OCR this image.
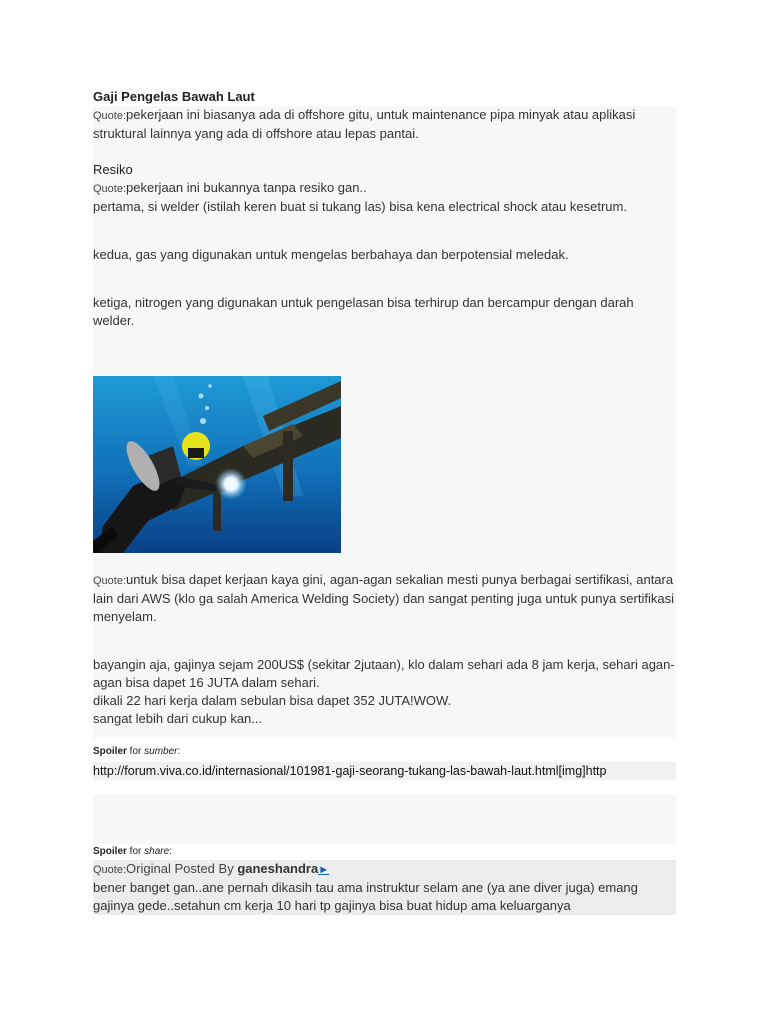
Gaji Pengelas Bawah Laut

Quote:pekerjaan ini biasanya ada di offshore gitu, untuk maintenance pipa minyak atau aplikasi struktural lainnya yang ada di offshore atau lepas pantai.

Resiko

Quote:pekerjaan ini bukannya tanpa resiko gan..

pertama, si welder (istilah keren buat si tukang las) bisa kena electrical shock atau kesetrum.

kedua, gas yang digunakan untuk mengelas berbahaya dan berpotensial meledak.

ketiga, nitrogen yang digunakan untuk pengelasan bisa terhirup dan bercampur dengan darah welder.

Quote:untuk bisa dapet kerjaan kaya gini, agan-agan sekalian mesti punya berbagai sertifikasi, antara lain dari AWS (klo ga salah America Welding Society) dan sangat penting juga untuk punya sertifikasi menyelam.

bayangin aja, gajinya sejam 200US$ (sekitar 2jutaan), klo dalam sehari ada 8 jam kerja, sehari agan-agan bisa dapet 16 JUTA dalam sehari.

dikali 22 hari kerja dalam sebulan bisa dapet 352 JUTA!WOW.

sangat lebih dari cukup kan...

Spoiler for sumber:
http://forum.viva.co.id/internasional/101981-gaji-seorang-tukang-las-bawah-laut.html[img]http
Spoiler for share:

Quote:Original Posted By ganeshandra►

bener banget gan..ane pernah dikasih tau ama instruktur selam ane (ya ane diver juga) emang gajinya gede..setahun cm kerja 10 hari tp gajinya bisa buat hidup ama keluarganya
